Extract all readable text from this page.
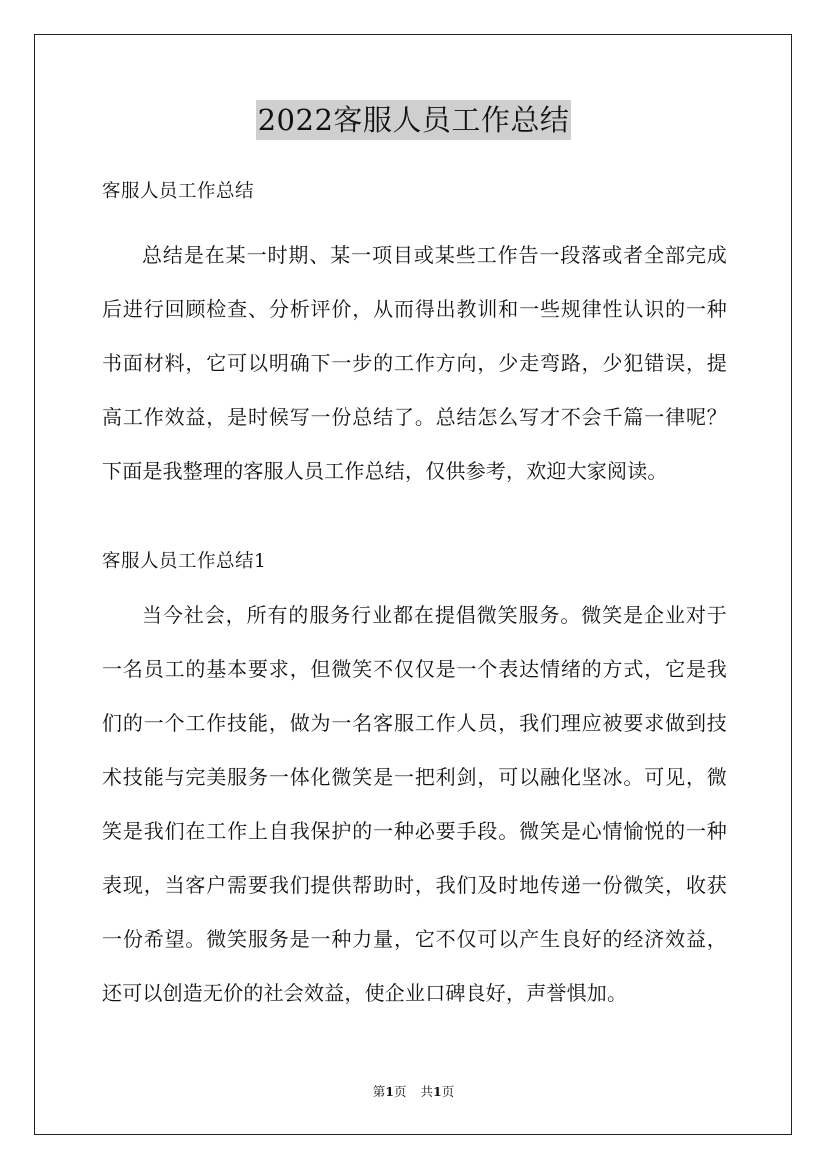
2022客服人员工作总结

客服人员工作总结

总结是在某一时期、某一项目或某些工作告一段落或者全部完成后进行回顾检查、分析评价，从而得出教训和一些规律性认识的一种书面材料，它可以明确下一步的工作方向，少走弯路，少犯错误，提高工作效益，是时候写一份总结了。总结怎么写才不会千篇一律呢？下面是我整理的客服人员工作总结，仅供参考，欢迎大家阅读。

客服人员工作总结1

当今社会，所有的服务行业都在提倡微笑服务。微笑是企业对于一名员工的基本要求，但微笑不仅仅是一个表达情绪的方式，它是我们的一个工作技能，做为一名客服工作人员，我们理应被要求做到技术技能与完美服务一体化微笑是一把利剑，可以融化坚冰。可见，微笑是我们在工作上自我保护的一种必要手段。微笑是心情愉悦的一种表现，当客户需要我们提供帮助时，我们及时地传递一份微笑，收获一份希望。微笑服务是一种力量，它不仅可以产生良好的经济效益，还可以创造无价的社会效益，使企业口碑良好，声誉惧加。

第1页 共1页
